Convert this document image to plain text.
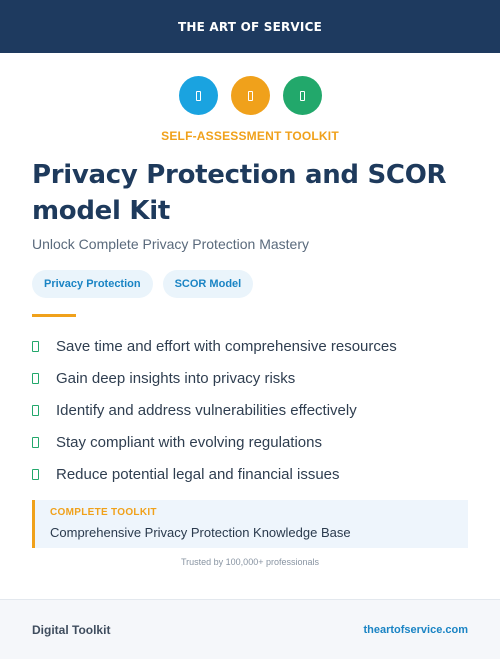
THE ART OF SERVICE
SELF-ASSESSMENT TOOLKIT
Privacy Protection and SCOR model Kit

Unlock Complete Privacy Protection Mastery

Privacy Protection	SCOR Model
Save time and effort with comprehensive resources
Gain deep insights into privacy risks
Identify and address vulnerabilities effectively
Stay compliant with evolving regulations
Reduce potential legal and financial issues
COMPLETE TOOLKIT
Comprehensive Privacy Protection Knowledge Base
Trusted by 100,000+ professionals
Digital Toolkit	theartofservice.com
